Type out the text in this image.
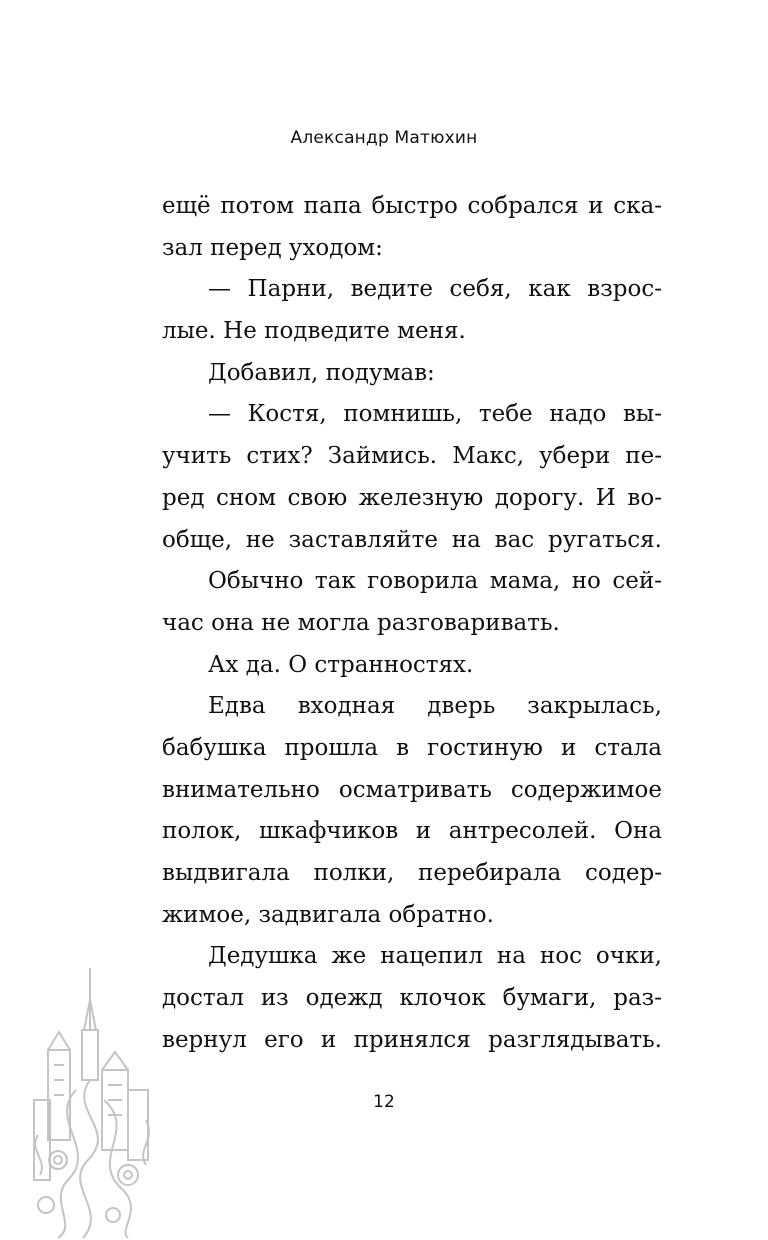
Александр Матюхин
ещё потом папа быстро собрался и ска-
зал перед уходом:
— Парни, ведите себя, как взрос-
лые. Не подведите меня.
Добавил, подумав:
— Костя, помнишь, тебе надо вы-
учить стих? Займись. Макс, убери пе-
ред сном свою железную дорогу. И во-
обще, не заставляйте на вас ругаться.
Обычно так говорила мама, но сей-
час она не могла разговаривать.
Ах да. О странностях.
Едва входная дверь закрылась,
бабушка прошла в гостиную и стала
внимательно осматривать содержимое
полок, шкафчиков и антресолей. Она
выдвигала полки, перебирала содер-
жимое, задвигала обратно.
Дедушка же нацепил на нос очки,
достал из одежд клочок бумаги, раз-
вернул его и принялся разглядывать.
12
